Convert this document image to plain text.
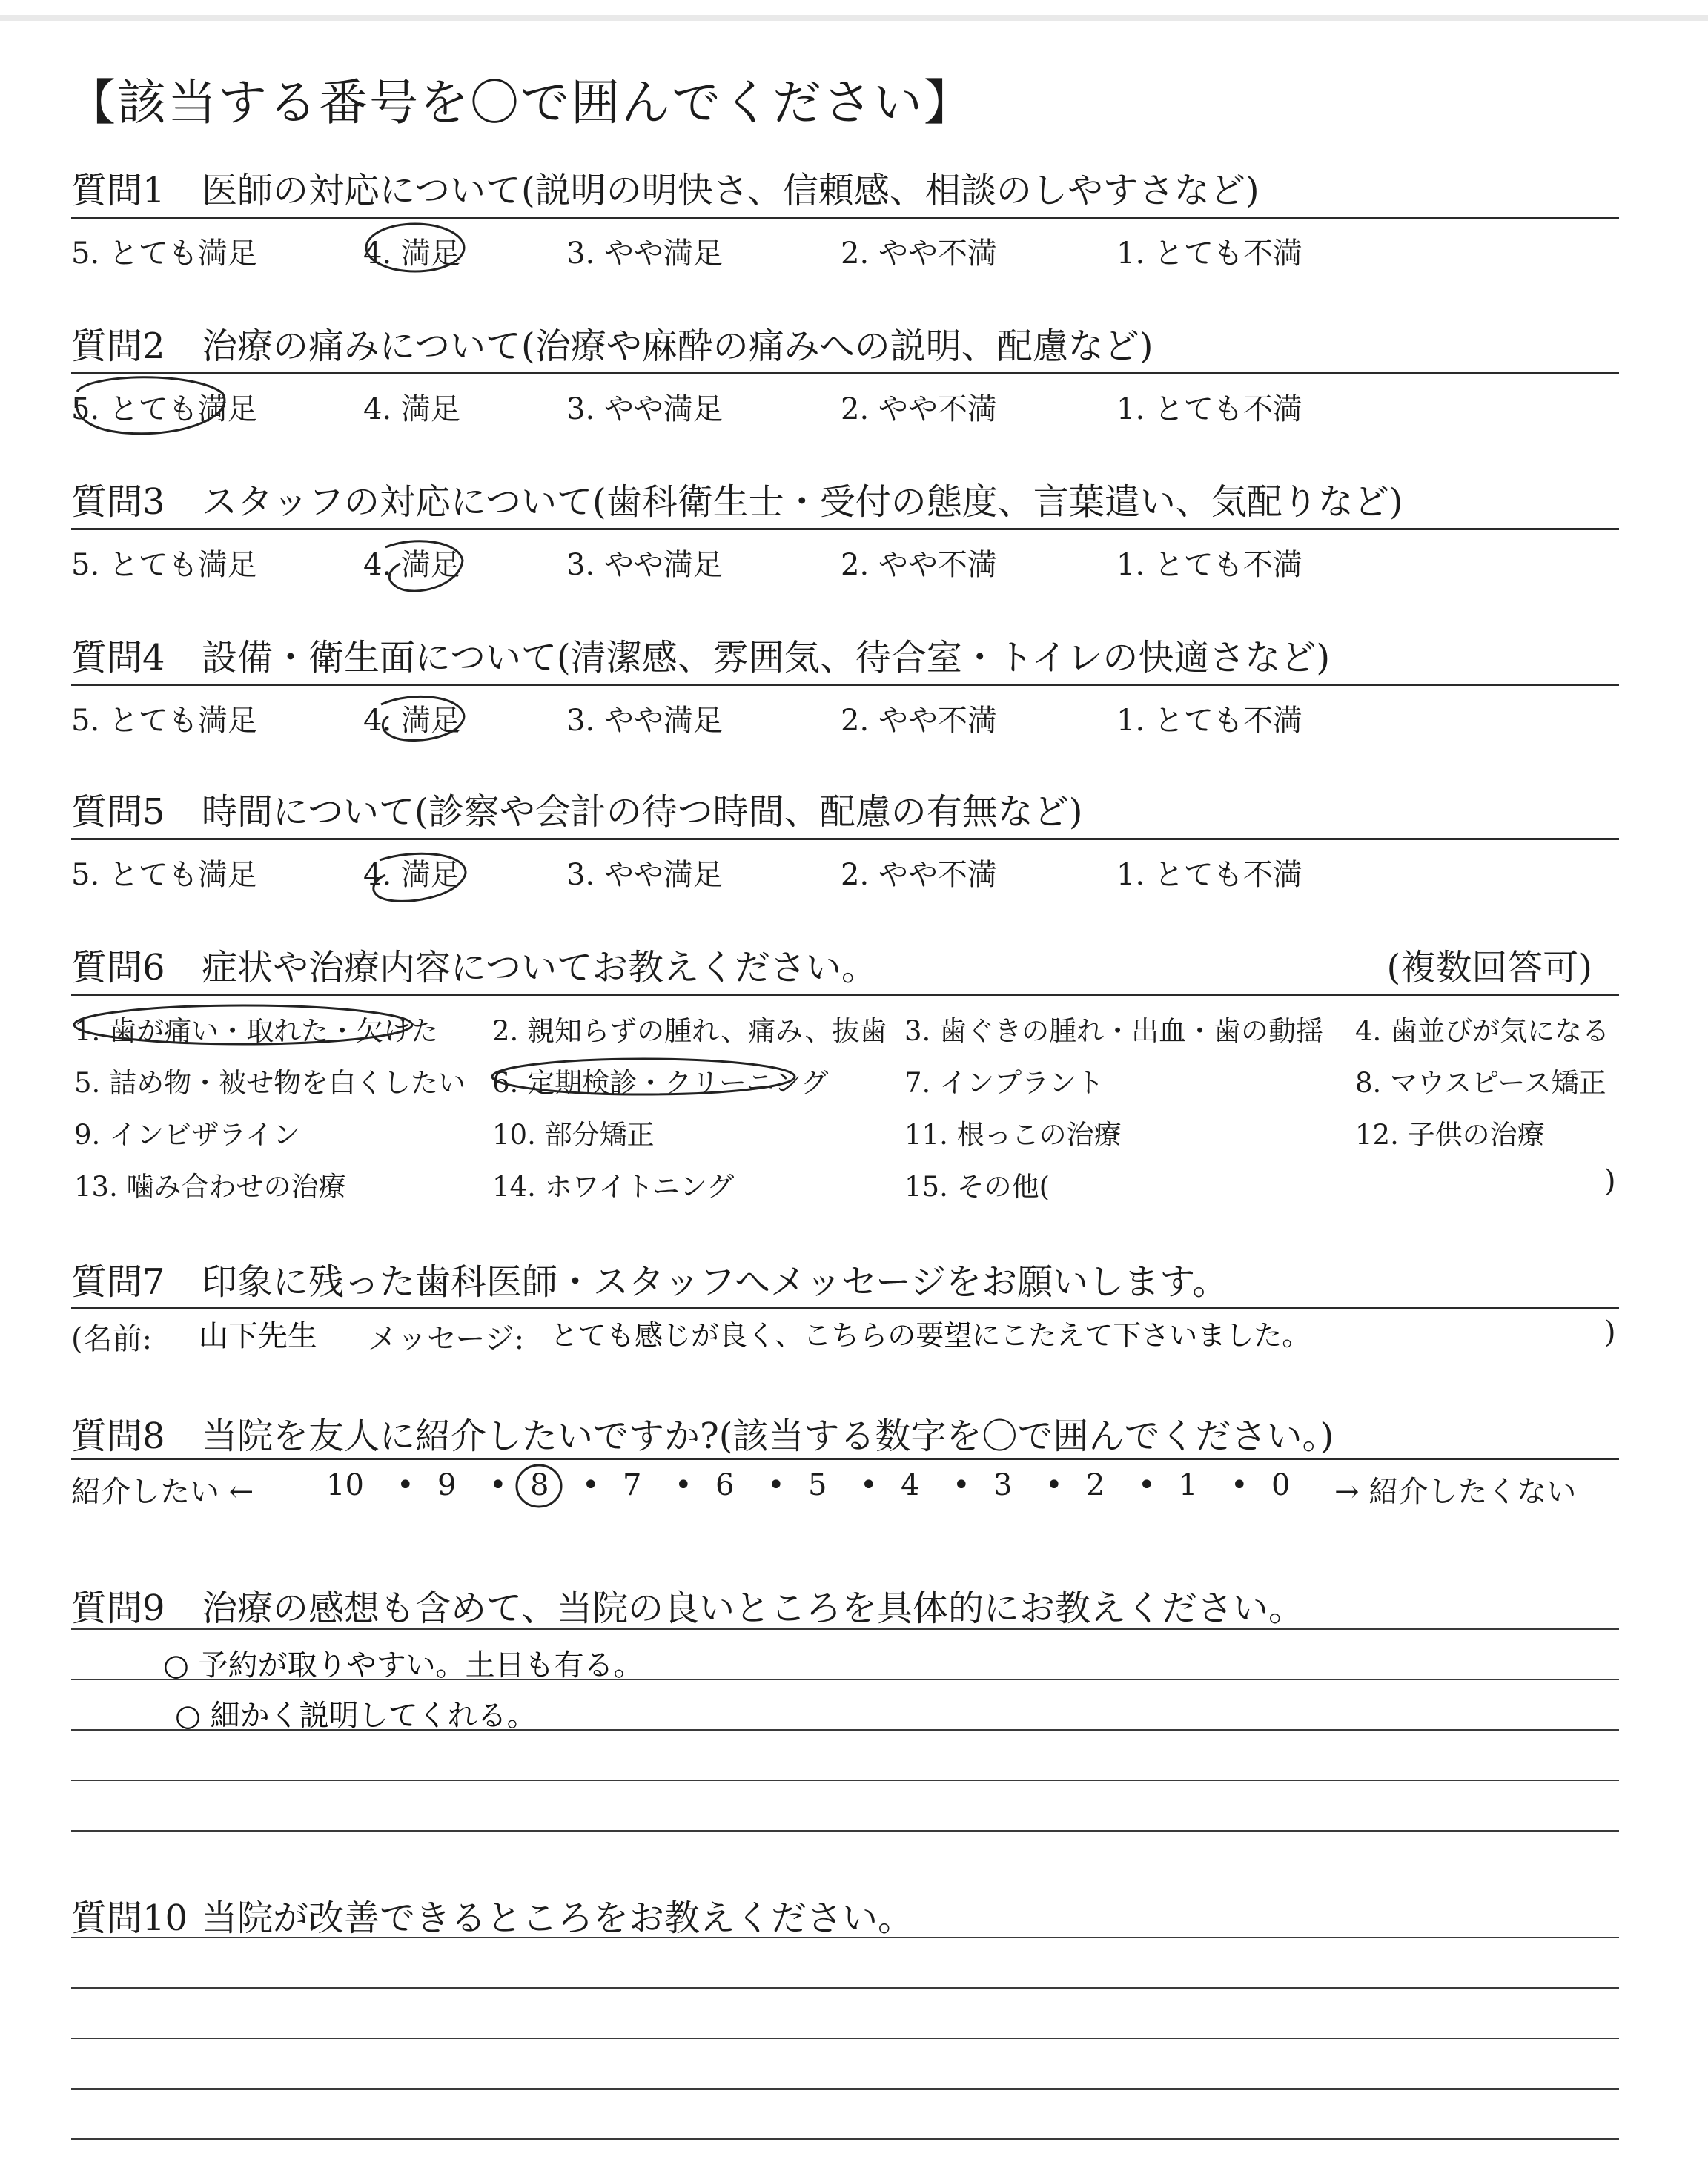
【該当する番号を〇で囲んでください】
質問1 医師の対応について(説明の明快さ、信頼感、相談のしやすさなど)
5. とても満足	4. 満足	3. やや満足	2. やや不満	1. とても不満
質問2 治療の痛みについて(治療や麻酔の痛みへの説明、配慮など)
5. とても満足	4. 満足	3. やや満足	2. やや不満	1. とても不満
質問3 スタッフの対応について(歯科衛生士・受付の態度、言葉遣い、気配りなど)
5. とても満足	4. 満足	3. やや満足	2. やや不満	1. とても不満
質問4 設備・衛生面について(清潔感、雰囲気、待合室・トイレの快適さなど)
5. とても満足	4. 満足	3. やや満足	2. やや不満	1. とても不満
質問5 時間について(診察や会計の待つ時間、配慮の有無など)
5. とても満足	4. 満足	3. やや満足	2. やや不満	1. とても不満
質問6 症状や治療内容についてお教えください。	(複数回答可)
1. 歯が痛い・取れた・欠けた 2. 親知らずの腫れ、痛み、抜歯 3. 歯ぐきの腫れ・出血・歯の動揺 4. 歯並びが気になる
5. 詰め物・被せ物を白くしたい 6. 定期検診・クリーニング	7. インプラント	8. マウスピース矯正
9. インビザライン	10. 部分矯正	11. 根っこの治療	12. 子供の治療
13. 噛み合わせの治療	14. ホワイトニング	15. その他(	)
質問7 印象に残った歯科医師・スタッフへメッセージをお願いします。
(名前: 山下先生 メッセージ: とても感じが良く、こちらの要望にこたえて下さいました。	)
質問8 当院を友人に紹介したいですか?(該当する数字を〇で囲んでください。)
紹介したい ← 10 • 9 • 8 • 7 • 6 • 5 • 4 • 3 • 2 • 1 • 0 → 紹介したくない
質問9 治療の感想も含めて、当院の良いところを具体的にお教えください。
○ 予約が取りやすい。土日も有る。
○ 細かく説明してくれる。
質問10 当院が改善できるところをお教えください。
